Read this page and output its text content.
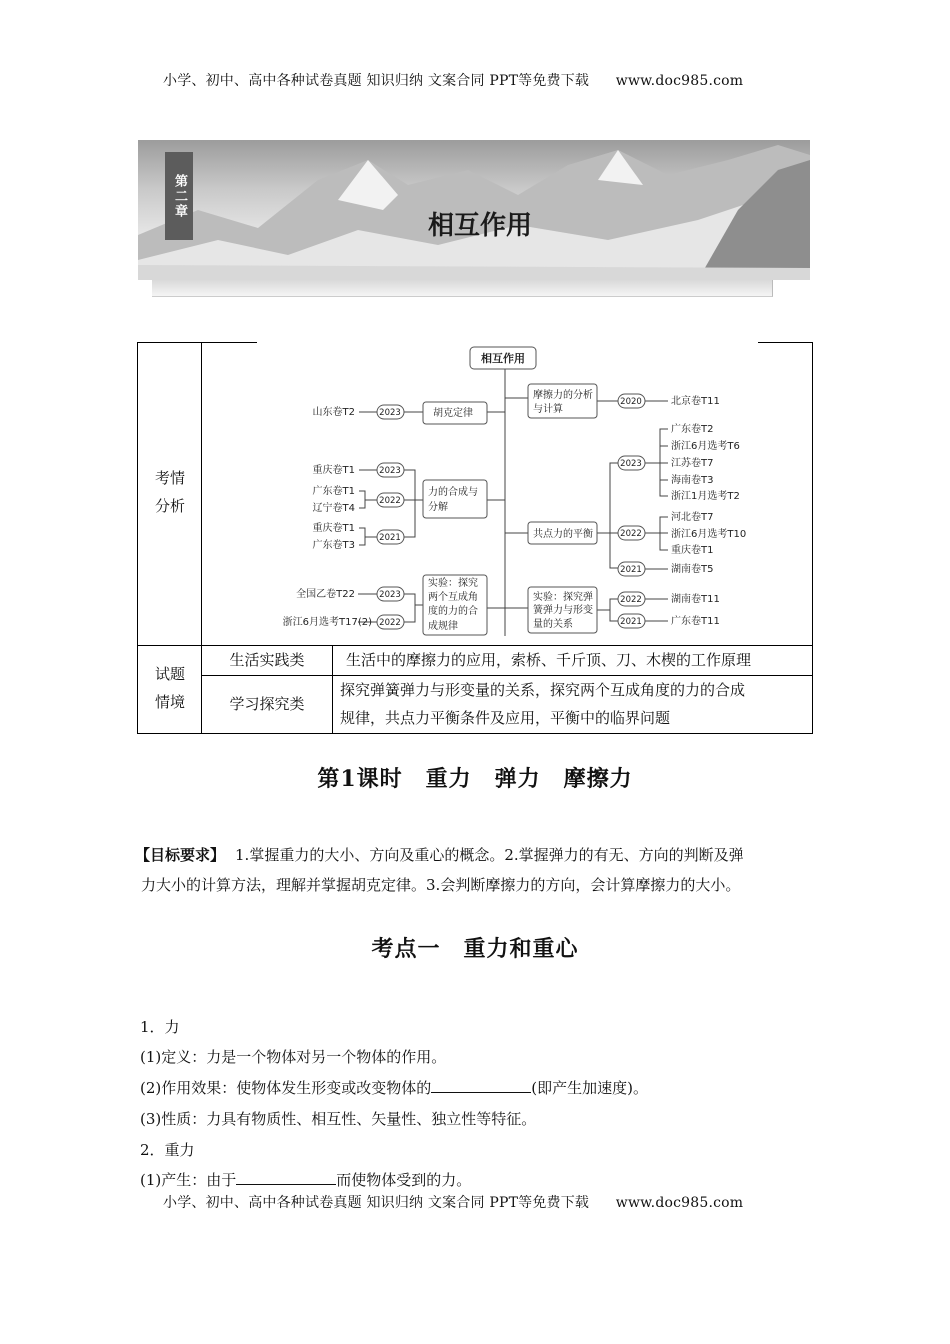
小学、初中、高中各种试卷真题 知识归纳 文案合同 PPT等免费下载 www.doc985.com
第二章
相互作用
考情分析
试题情境
生活实践类
学习探究类
生活中的摩擦力的应用，索桥、千斤顶、刀、木楔的工作原理
探究弹簧弹力与形变量的关系，探究两个互成角度的力的合成
规律，共点力平衡条件及应用，平衡中的临界问题
相互作用
摩擦力的分析
与计算
共点力的平衡
实验：探究弹
簧弹力与形变
量的关系
2020
2023
2022
2021
2022
2021
2023
2023
2022
2021
2023
2022
北京卷T11
广东卷T2
浙江6月选考T6
江苏卷T7
海南卷T3
浙江1月选考T2
河北卷T7
浙江6月选考T10
重庆卷T1
湖南卷T5
湖南卷T11
广东卷T11
胡克定律
力的合成与
分解
实验：探究
两个互成角
度的力的合
成规律
山东卷T2
重庆卷T1
广东卷T1
辽宁卷T4
重庆卷T1
广东卷T3
全国乙卷T22
浙江6月选考T17(2)
第1课时　重力　弹力　摩擦力
【目标要求】 1.掌握重力的大小、方向及重心的概念。2.掌握弹力的有无、方向的判断及弹
力大小的计算方法，理解并掌握胡克定律。3.会判断摩擦力的方向，会计算摩擦力的大小。
考点一　重力和重心
1．力
(1)定义：力是一个物体对另一个物体的作用。
(2)作用效果：使物体发生形变或改变物体的	(即产生加速度)。
(3)性质：力具有物质性、相互性、矢量性、独立性等特征。
2．重力
(1)产生：由于	而使物体受到的力。
小学、初中、高中各种试卷真题 知识归纳 文案合同 PPT等免费下载 www.doc985.com
